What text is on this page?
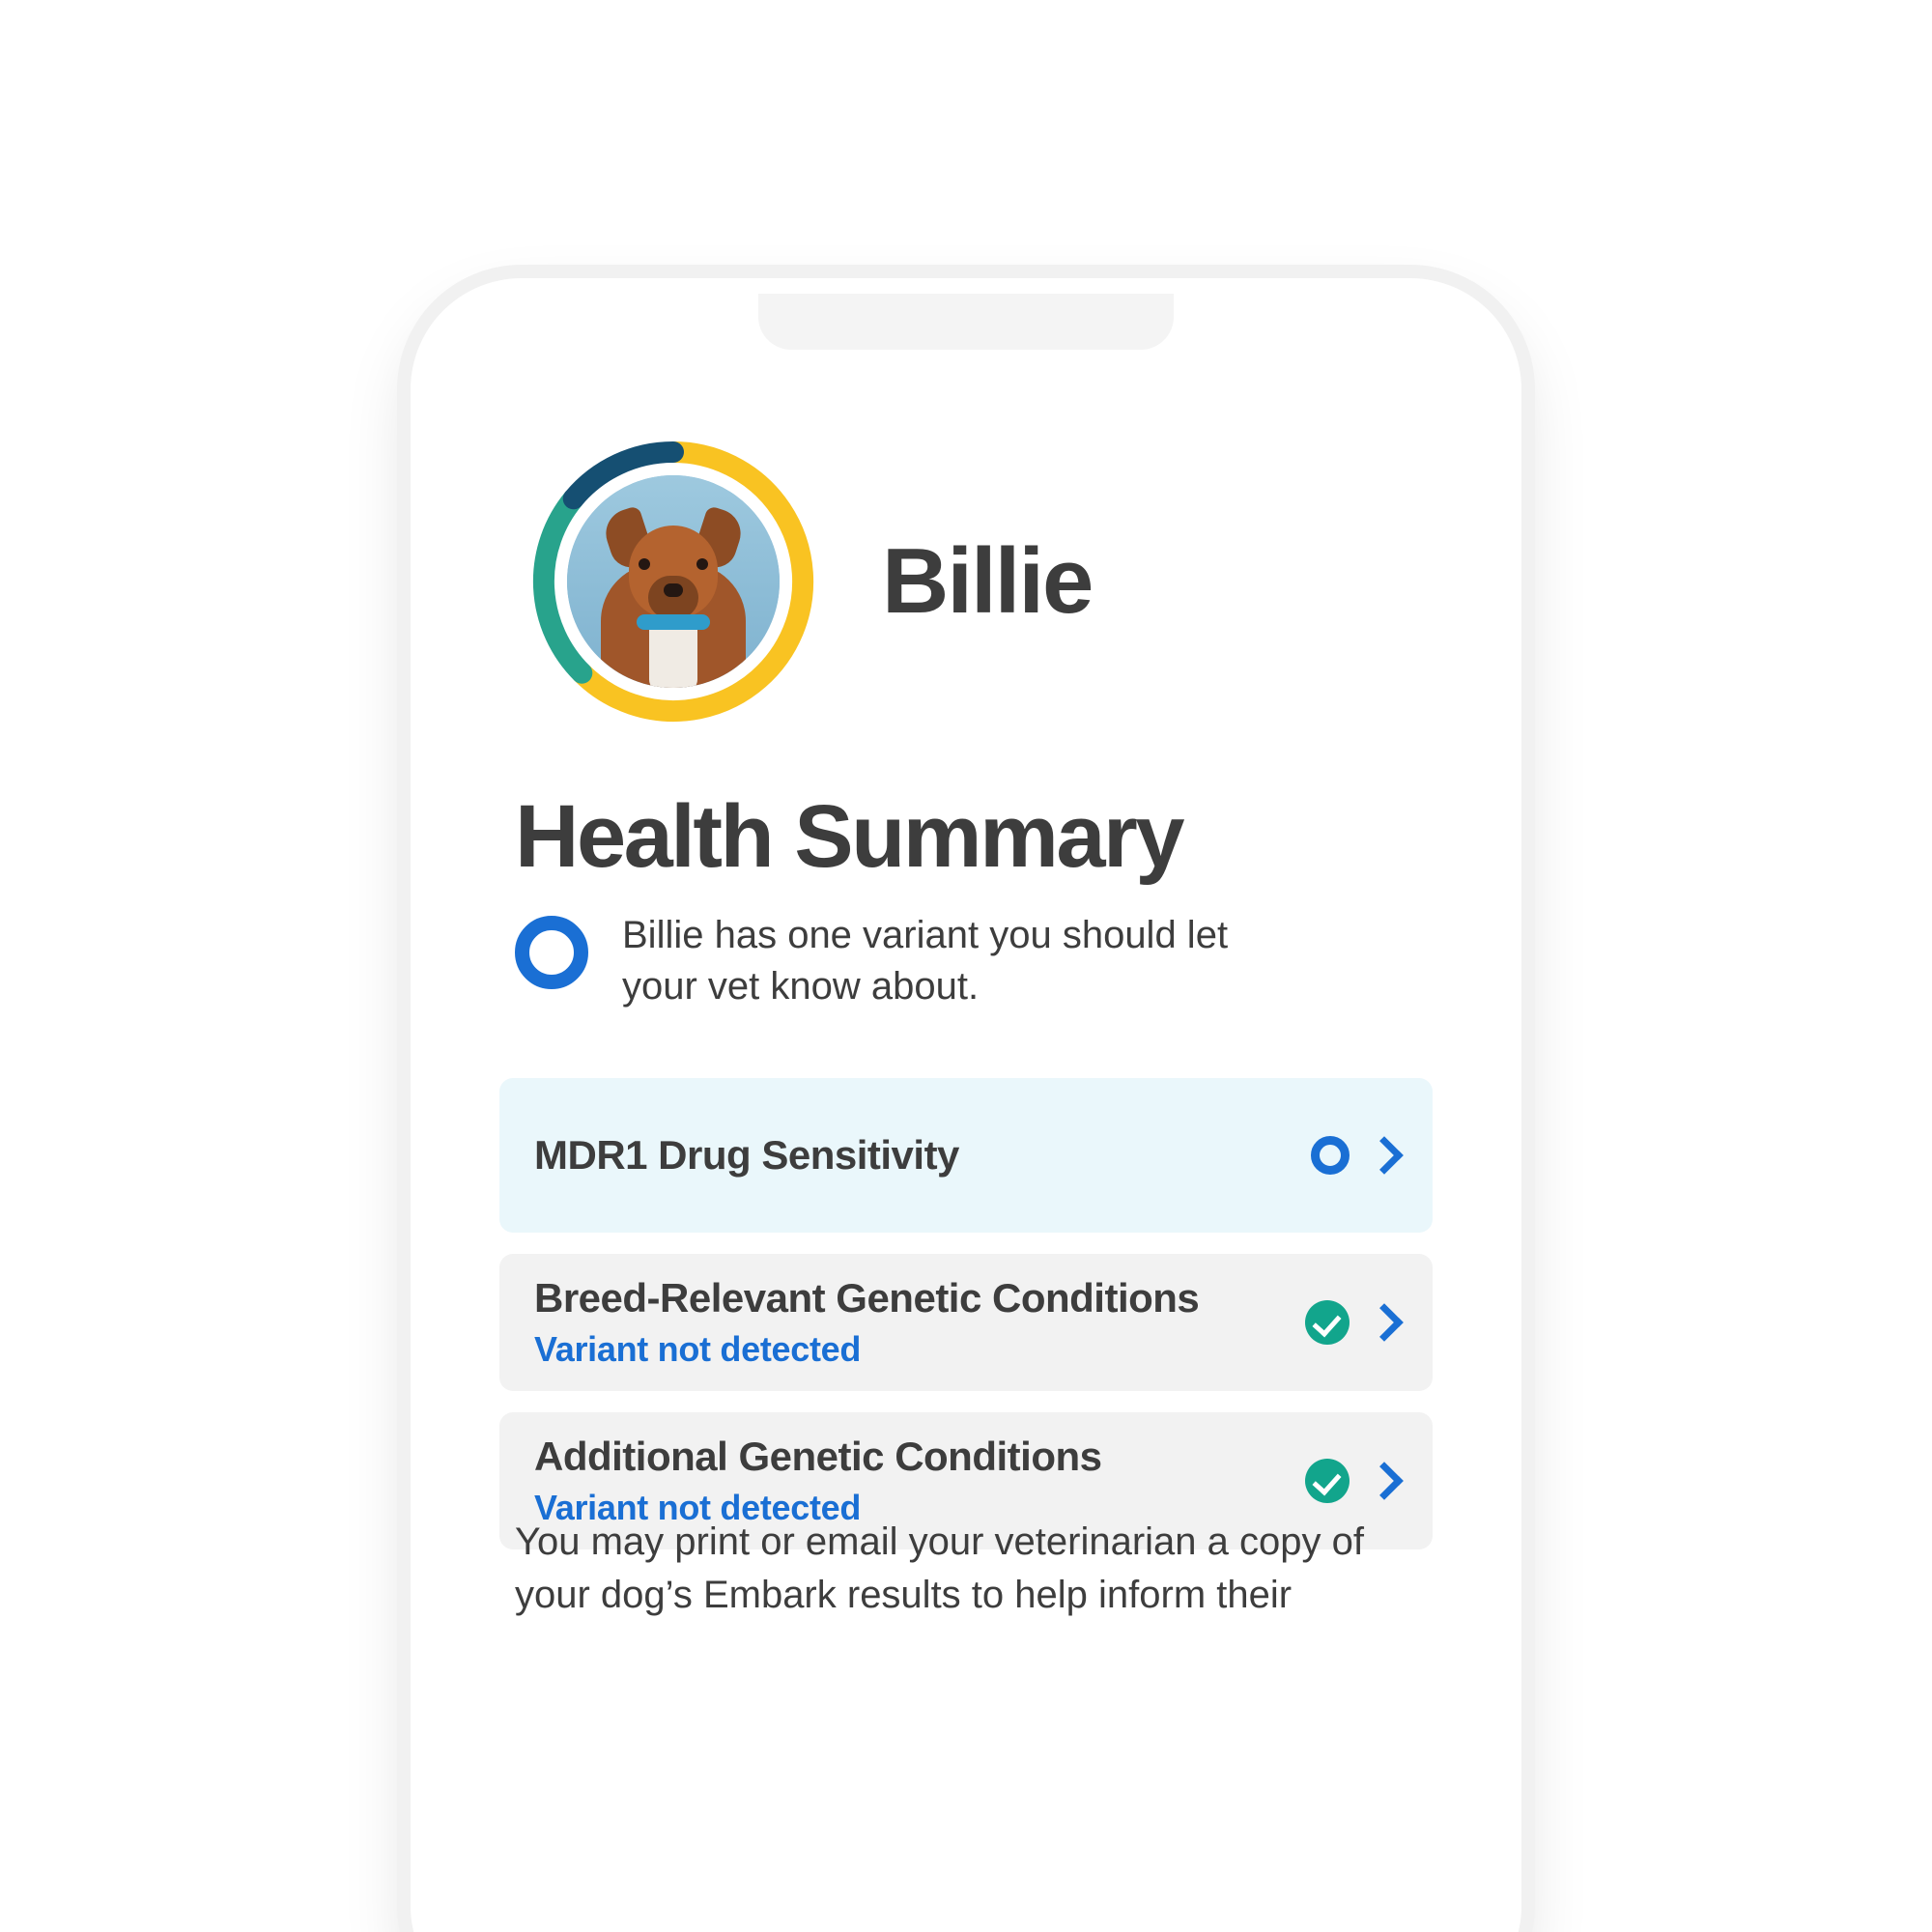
Billie
Health Summary
Billie has one variant you should let your vet know about.
MDR1 Drug Sensitivity
Breed-Relevant Genetic Conditions
Variant not detected
Additional Genetic Conditions
Variant not detected
You may print or email your veterinarian a copy of your dog’s Embark results to help inform their
